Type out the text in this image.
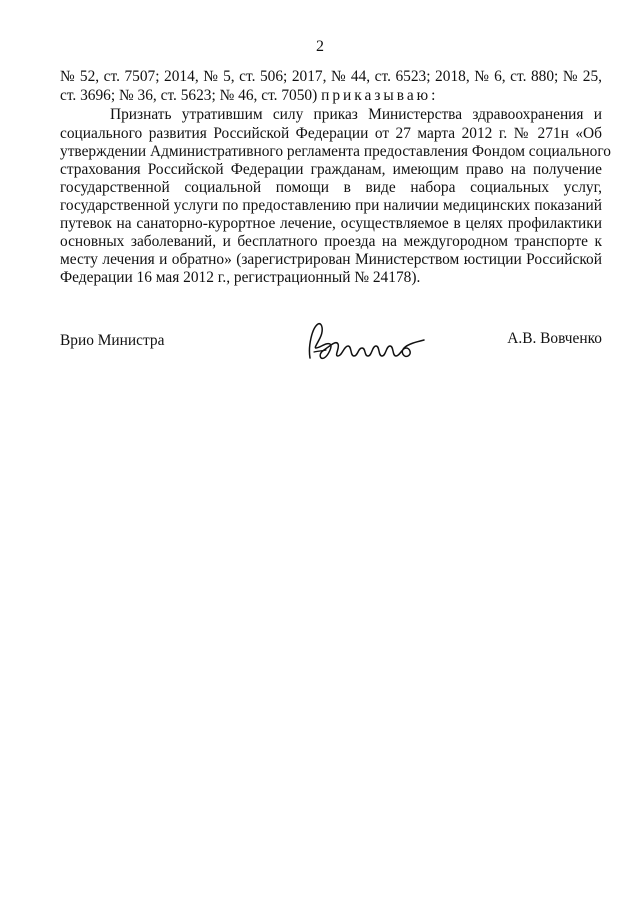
2
№ 52, ст. 7507; 2014, № 5, ст. 506; 2017, № 44, ст. 6523; 2018, № 6, ст. 880; № 25,
ст. 3696; № 36, ст. 5623; № 46, ст. 7050) приказываю:
Признать утратившим силу приказ Министерства здравоохранения и
социального развития Российской Федерации от 27 марта 2012 г. № 271н «Об
утверждении Административного регламента предоставления Фондом социального
страхования Российской Федерации гражданам, имеющим право на получение
государственной социальной помощи в виде набора социальных услуг,
государственной услуги по предоставлению при наличии медицинских показаний
путевок на санаторно-курортное лечение, осуществляемое в целях профилактики
основных заболеваний, и бесплатного проезда на междугородном транспорте к
месту лечения и обратно» (зарегистрирован Министерством юстиции Российской
Федерации 16 мая 2012 г., регистрационный № 24178).
Врио Министра	А.В. Вовченко
